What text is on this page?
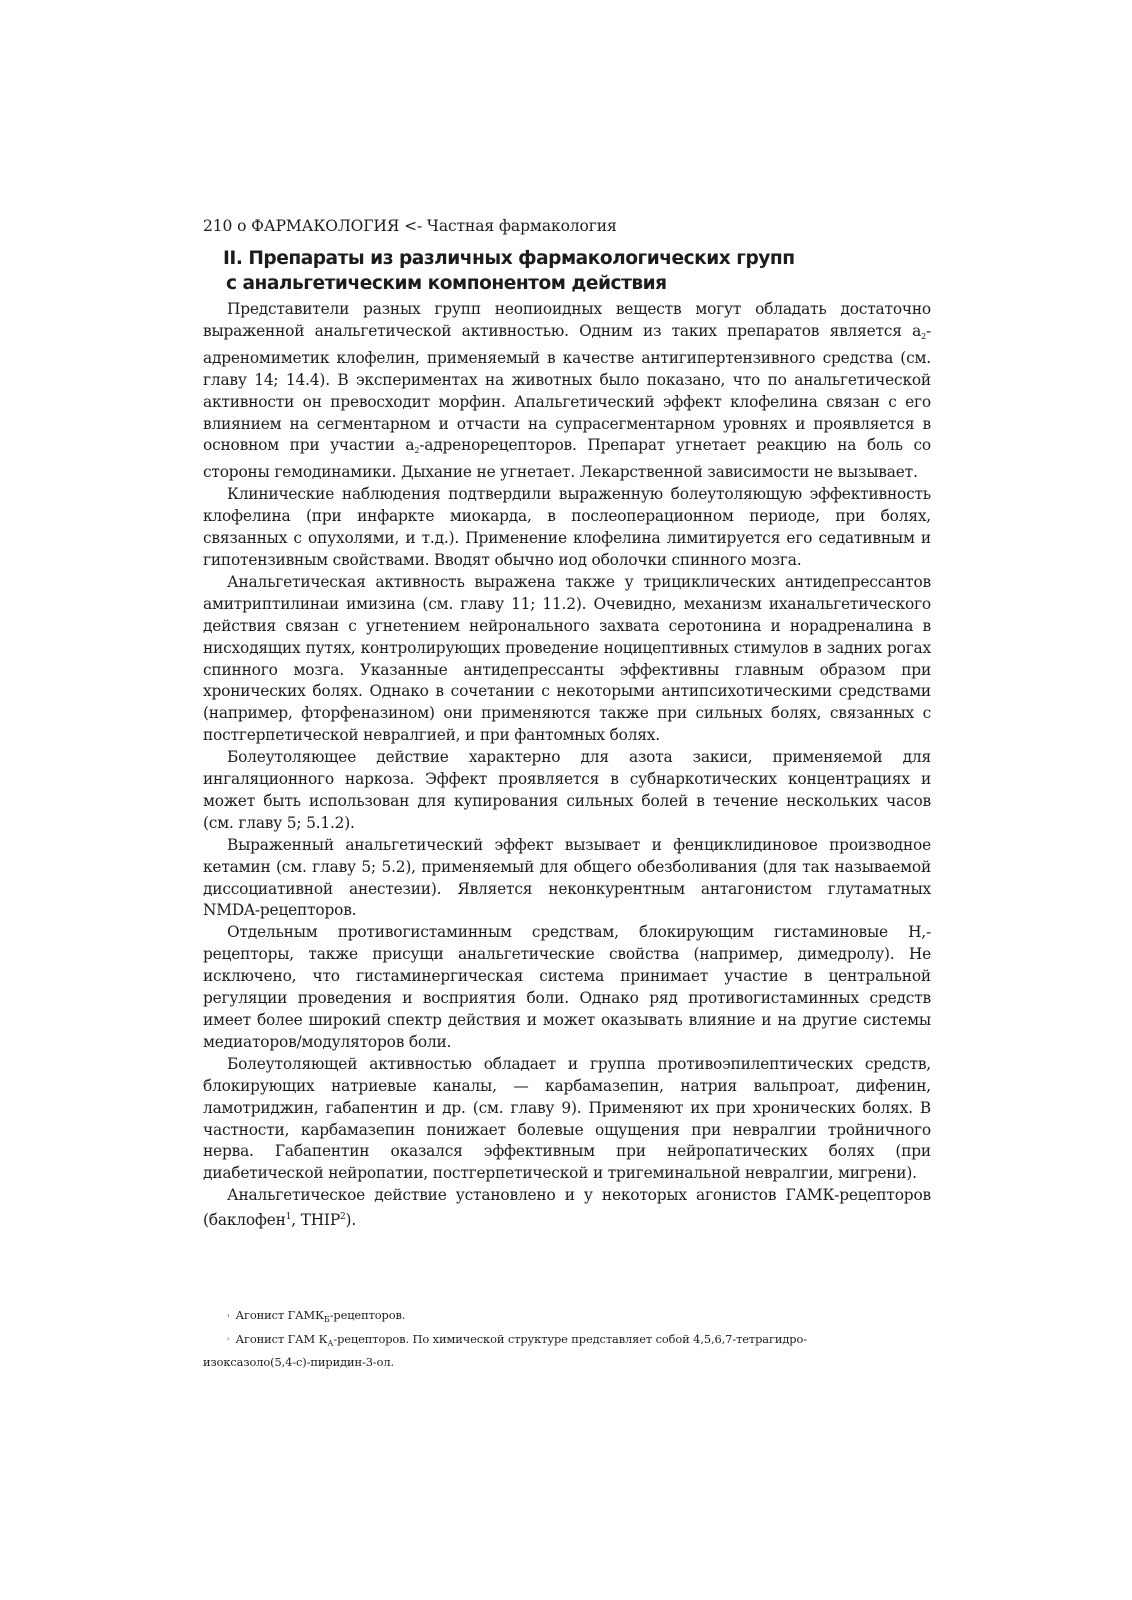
210 о ФАРМАКОЛОГИЯ <- Частная фармакология
II. Препараты из различных фармакологических групп
с анальгетическим компонентом действия

Представители разных групп неопиоидных веществ могут обладать достаточно выраженной анальгетической активностью. Одним из таких препаратов является $а_2$-адреномиметик клофелин, применяемый в качестве антигипертензивного средства (см. главу 14; 14.4). В экспериментах на животных было показано, что по анальгетической активности он превосходит морфин. Апальгетический эффект клофелина связан с его влиянием на сегментарном и отчасти на супрасегментарном уровнях и проявляется в основном при участии $а_2$-адренорецепторов. Препарат угнетает реакцию на боль со стороны гемодинамики. Дыхание не угнетает. Лекарственной зависимости не вызывает.

Клинические наблюдения подтвердили выраженную болеутоляющую эффективность клофелина (при инфаркте миокарда, в послеоперационном периоде, при болях, связанных с опухолями, и т.д.). Применение клофелина лимитируется его седативным и гипотензивным свойствами. Вводят обычно иод оболочки спинного мозга.

Анальгетическая активность выражена также у трициклических антидепрессантов амитриптилинаи имизина (см. главу 11; 11.2). Очевидно, механизм иханальгетического действия связан с угнетением нейронального захвата серотонина и норадреналина в нисходящих путях, контролирующих проведение ноцицептивных стимулов в задних рогах спинного мозга. Указанные антидепрессанты эффективны главным образом при хронических болях. Однако в сочетании с некоторыми антипсихотическими средствами (например, фторфеназином) они применяются также при сильных болях, связанных с постгерпетической невралгией, и при фантомных болях.

Болеутоляющее действие характерно для азота закиси, применяемой для ингаляционного наркоза. Эффект проявляется в субнаркотических концентрациях и может быть использован для купирования сильных болей в течение нескольких часов (см. главу 5; 5.1.2).

Выраженный анальгетический эффект вызывает и фенциклидиновое производное кетамин (см. главу 5; 5.2), применяемый для общего обезболивания (для так называемой диссоциативной анестезии). Является неконкурентным антагонистом глутаматных NMDA-рецепторов.

Отдельным противогистаминным средствам, блокирующим гистаминовые Н,-рецепторы, также присущи анальгетические свойства (например, димедролу). Не исключено, что гистаминергическая система принимает участие в центральной регуляции проведения и восприятия боли. Однако ряд противогистаминных средств имеет более широкий спектр действия и может оказывать влияние и на другие системы медиаторов/модуляторов боли.

Болеутоляющей активностью обладает и группа противоэпилептических средств, блокирующих натриевые каналы, — карбамазепин, натрия вальпроат, дифенин, ламотриджин, габапентин и др. (см. главу 9). Применяют их при хронических болях. В частности, карбамазепин понижает болевые ощущения при невралгии тройничного нерва. Габапентин оказался эффективным при нейропатических болях (при диабетической нейропатии, постгерпетической и тригеминальной невралгии, мигрени).

Анальгетическое действие установлено и у некоторых агонистов ГАМК-рецепторов (баклофен$^1$, THIP$^2$).

1 Агонист $ГАМК_Б$-рецепторов.
2 Агонист ГАМ $К_А$-рецепторов. По химической структуре представляет собой 4,5,6,7-тетрагидро-
изоксазоло(5,4-с)-пиридин-3-ол.
